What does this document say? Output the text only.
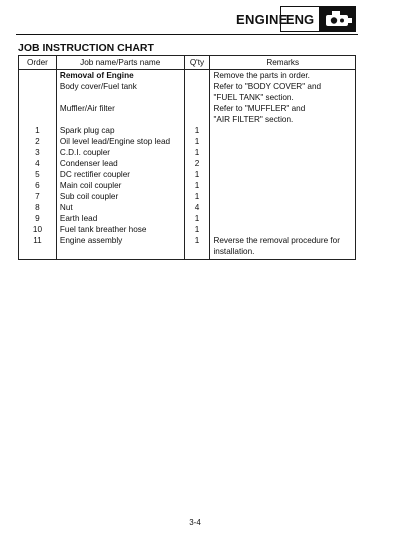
ENGINE
ENG
JOB INSTRUCTION CHART
Order	Job name/Parts name	Q'ty	Remarks
	Removal of Engine		Remove the parts in order.
	Body cover/Fuel tank		Refer to "BODY COVER" and
			"FUEL TANK" section.
	Muffler/Air filter		Refer to "MUFFLER" and
			"AIR FILTER" section.
1	Spark plug cap	1	
2	Oil level lead/Engine stop lead	1	
3	C.D.I. coupler	1	
4	Condenser lead	2	
5	DC rectifier coupler	1	
6	Main coil coupler	1	
7	Sub coil coupler	1	
8	Nut	4	
9	Earth lead	1	
10	Fuel tank breather hose	1	
11	Engine assembly	1	Reverse the removal procedure for
			installation.
3-4
